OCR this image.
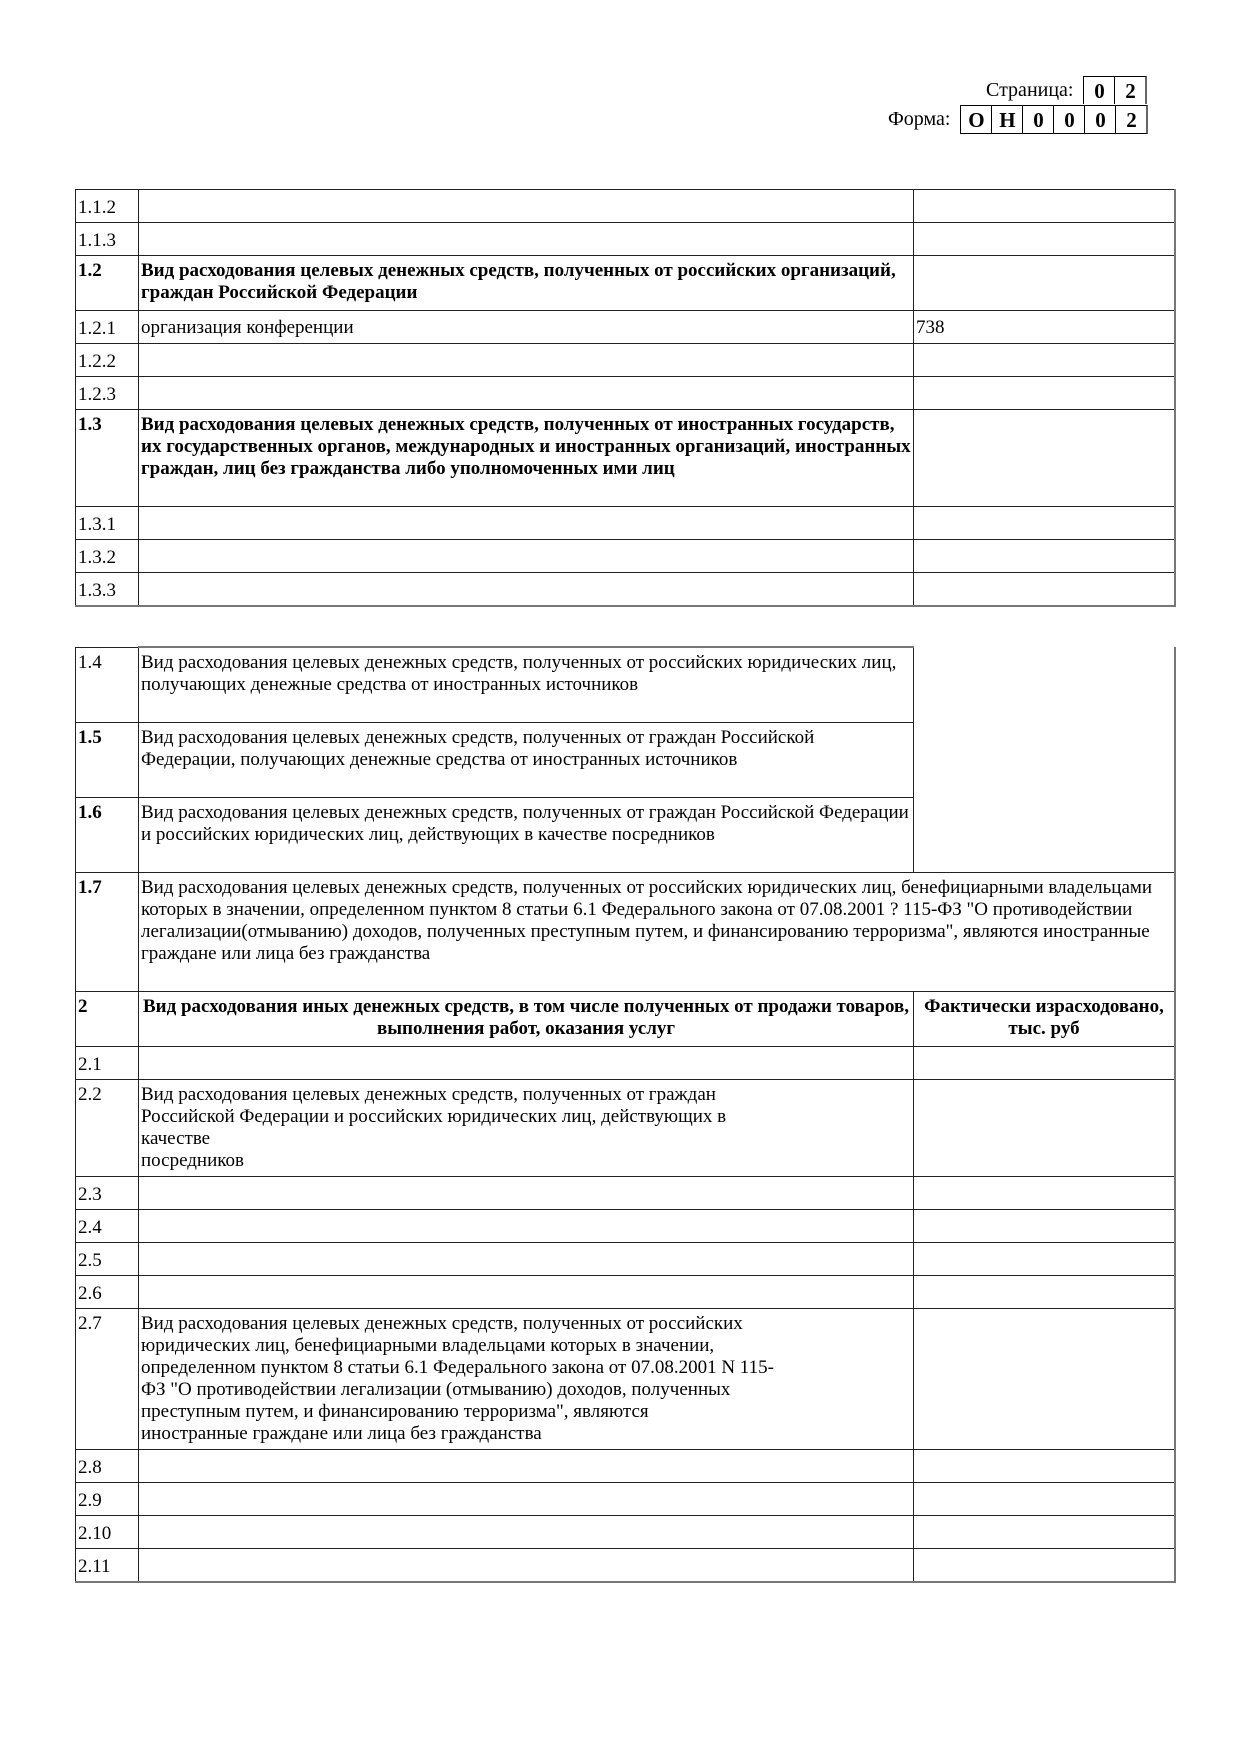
Страница: 0 2
Форма: О Н 0 0 0 2
1.1.2		
1.1.3		
1.2	Вид расходования целевых денежных средств, полученных от российских организаций, граждан Российской Федерации	
1.2.1	организация конференции	738
1.2.2		
1.2.3		
1.3	Вид расходования целевых денежных средств, полученных от иностранных государств, их государственных органов, международных и иностранных организаций, иностранных граждан, лиц без гражданства либо уполномоченных ими лиц	
1.3.1		
1.3.2		
1.3.3		
1.4	Вид расходования целевых денежных средств, полученных от российских юридических лиц, получающих денежные средства от иностранных источников	
1.5	Вид расходования целевых денежных средств, полученных от граждан Российской Федерации, получающих денежные средства от иностранных источников	
1.6	Вид расходования целевых денежных средств, полученных от граждан Российской Федерации и российских юридических лиц, действующих в качестве посредников	
1.7	Вид расходования целевых денежных средств, полученных от российских юридических лиц, бенефициарными владельцами которых в значении, определенном пунктом 8 статьи 6.1 Федерального закона от 07.08.2001 ? 115-ФЗ "О противодействии легализации(отмыванию) доходов, полученных преступным путем, и финансированию терроризма", являются иностранные граждане или лица без гражданства	
2	Вид расходования иных денежных средств, в том числе полученных от продажи товаров, выполнения работ, оказания услуг	Фактически израсходовано, тыс. руб
2.1		
2.2	Вид расходования целевых денежных средств, полученных от граждан
Российской Федерации и российских юридических лиц, действующих в
качестве
посредников	

2.3		
2.4		
2.5		
2.6		
2.7	Вид расходования целевых денежных средств, полученных от российских
юридических лиц, бенефициарными владельцами которых в значении,
определенном пунктом 8 статьи 6.1 Федерального закона от 07.08.2001 N 115-
ФЗ "О противодействии легализации (отмыванию) доходов, полученных
преступным путем, и финансированию терроризма", являются
иностранные граждане или лица без гражданства

2.8		
2.9		
2.10		
2.11		
